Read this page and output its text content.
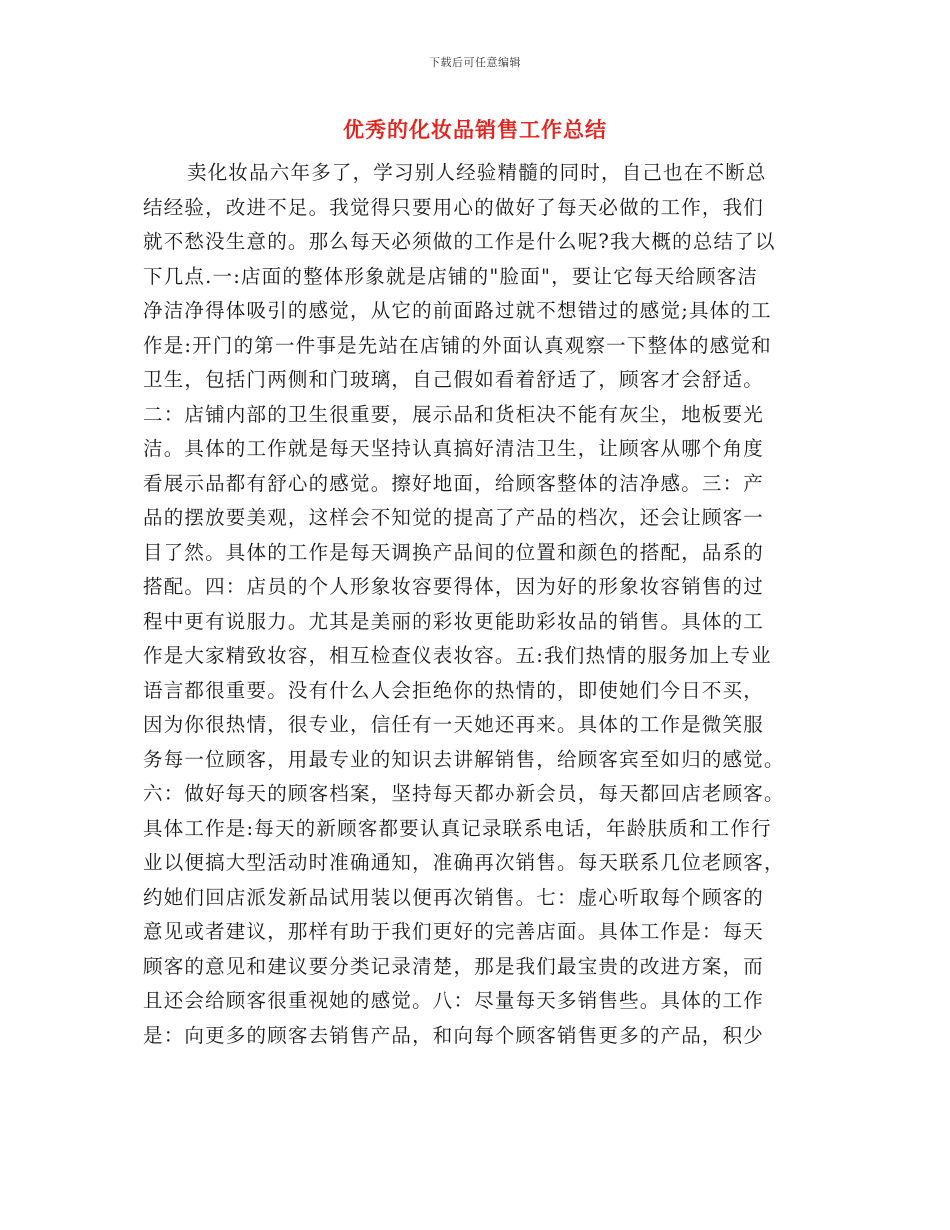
下载后可任意编辑
优秀的化妆品销售工作总结
卖化妆品六年多了，学习别人经验精髓的同时，自己也在不断总
结经验，改进不足。我觉得只要用心的做好了每天必做的工作，我们
就不愁没生意的。那么每天必须做的工作是什么呢?我大概的总结了以
下几点.一:店面的整体形象就是店铺的"脸面"，要让它每天给顾客洁
净洁净得体吸引的感觉，从它的前面路过就不想错过的感觉;具体的工
作是:开门的第一件事是先站在店铺的外面认真观察一下整体的感觉和
卫生，包括门两侧和门玻璃，自己假如看着舒适了，顾客才会舒适。
二：店铺内部的卫生很重要，展示品和货柜决不能有灰尘，地板要光
洁。具体的工作就是每天坚持认真搞好清洁卫生，让顾客从哪个角度
看展示品都有舒心的感觉。擦好地面，给顾客整体的洁净感。三：产
品的摆放要美观，这样会不知觉的提高了产品的档次，还会让顾客一
目了然。具体的工作是每天调换产品间的位置和颜色的搭配，品系的
搭配。四：店员的个人形象妆容要得体，因为好的形象妆容销售的过
程中更有说服力。尤其是美丽的彩妆更能助彩妆品的销售。具体的工
作是大家精致妆容，相互检查仪表妆容。五:我们热情的服务加上专业
语言都很重要。没有什么人会拒绝你的热情的，即使她们今日不买，
因为你很热情，很专业，信任有一天她还再来。具体的工作是微笑服
务每一位顾客，用最专业的知识去讲解销售，给顾客宾至如归的感觉。
六：做好每天的顾客档案，坚持每天都办新会员，每天都回店老顾客。
具体工作是:每天的新顾客都要认真记录联系电话，年龄肤质和工作行
业以便搞大型活动时准确通知，准确再次销售。每天联系几位老顾客，
约她们回店派发新品试用装以便再次销售。七：虚心听取每个顾客的
意见或者建议，那样有助于我们更好的完善店面。具体工作是：每天
顾客的意见和建议要分类记录清楚，那是我们最宝贵的改进方案，而
且还会给顾客很重视她的感觉。八：尽量每天多销售些。具体的工作
是：向更多的顾客去销售产品，和向每个顾客销售更多的产品，积少
